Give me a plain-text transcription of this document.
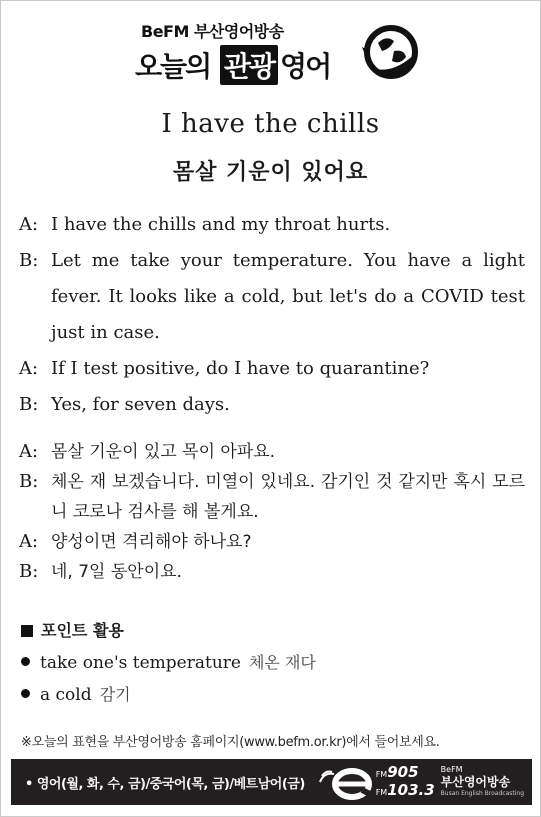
BeFM 부산영어방송
오늘의 관광 영어
I have the chills
몸살 기운이 있어요
A: I have the chills and my throat hurts.
B: Let me take your temperature. You have a light fever. It looks like a cold, but let's do a COVID test just in case.
A: If I test positive, do I have to quarantine?
B: Yes, for seven days.
A: 몸살 기운이 있고 목이 아파요.
B: 체온 재 보겠습니다. 미열이 있네요. 감기인 것 같지만 혹시 모르니 코로나 검사를 해 볼게요.
A: 양성이면 격리해야 하나요?
B: 네, 7일 동안이요.
포인트 활용
take one's temperature 체온 재다
a cold 감기
※오늘의 표현을 부산영어방송 홈페이지(www.befm.or.kr)에서 들어보세요.
• 영어(월, 화, 수, 금)/중국어(목, 금)/베트남어(금)
FM905
FM103.3
BeFM
부산영어방송
Busan English Broadcasting
